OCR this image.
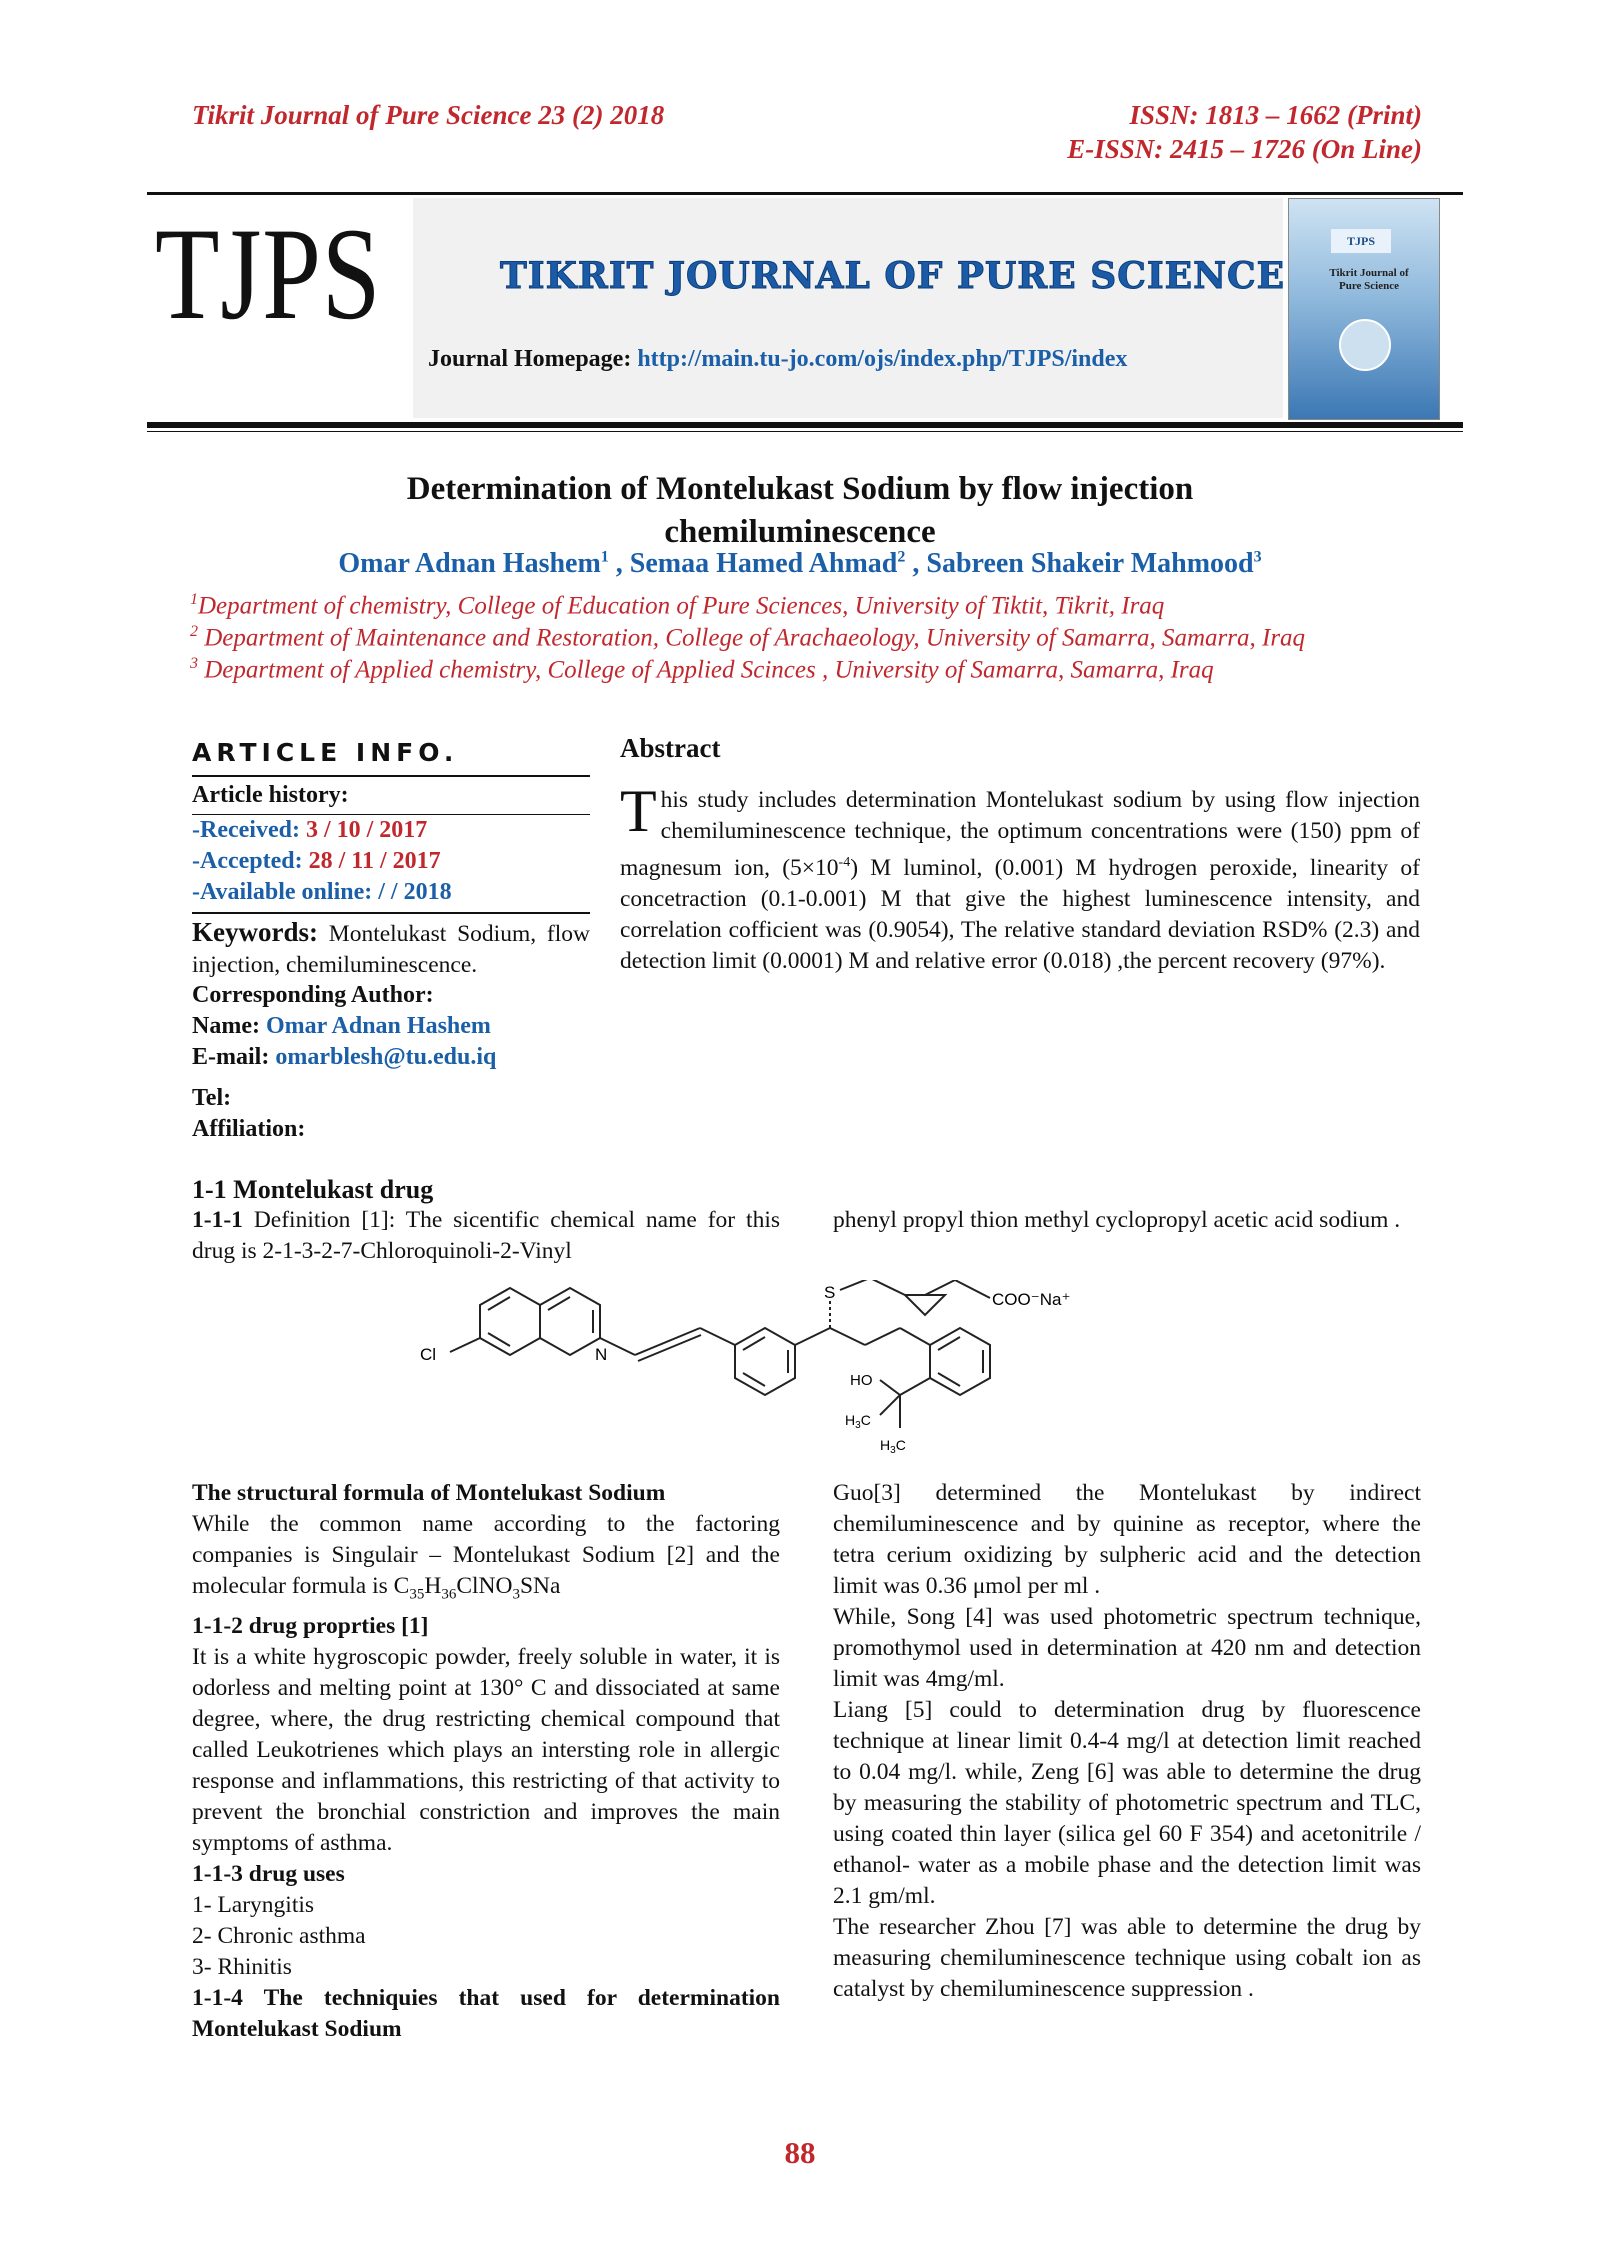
Tikrit Journal of Pure Science 23 (2) 2018	ISSN: 1813 – 1662 (Print)
E-ISSN: 2415 – 1726 (On Line)
TJPS	TIKRIT JOURNAL OF PURE SCIENCE
Journal Homepage: http://main.tu-jo.com/ojs/index.php/TJPS/index
TJPS
Tikrit Journal of Pure Science
Determination of Montelukast Sodium by flow injection
chemiluminescence
Omar Adnan Hashem$^1$ , Semaa Hamed Ahmad$^2$ , Sabreen Shakeir Mahmood$^3$
$^1$Department of chemistry, College of Education of Pure Sciences, University of Tiktit, Tikrit, Iraq
$^2$ Department of Maintenance and Restoration, College of Arachaeology, University of Samarra, Samarra, Iraq
$^3$ Department of Applied chemistry, College of Applied Scinces , University of Samarra, Samarra, Iraq
ARTICLE INFO.
Article history:
-Received: 3 / 10 / 2017
-Accepted: 28 / 11 / 2017
-Available online: / / 2018
Keywords: Montelukast Sodium, flow injection, chemiluminescence.
Corresponding Author:
Name: Omar Adnan Hashem
E-mail: omarblesh@tu.edu.iq
Tel:
Affiliation:
Abstract
This study includes determination Montelukast sodium by using flow injection chemiluminescence technique, the optimum concentrations were (150) ppm of magnesum ion, $(5\times 10^{-4})$ M luminol, (0.001) M hydrogen peroxide, linearity of concetraction (0.1-0.001) M that give the highest luminescence intensity, and correlation cofficient was (0.9054), The relative standard deviation RSD% (2.3) and detection limit (0.0001) M and relative error (0.018) ,the percent recovery (97%).
1-1 Montelukast drug
1-1-1 Definition [1]: The sicentific chemical name for this drug is 2-1-3-2-7-Chloroquinoli-2-Vinyl
phenyl propyl thion methyl cyclopropyl acetic acid sodium .
Cl	N
S	COO⁻Na⁺
HO
$H_3C$
$H_3C$
The structural formula of Montelukast Sodium
While the common name according to the factoring companies is Singulair – Montelukast Sodium [2] and the molecular formula is $C_{35}H_{36}ClNO_3SNa$
1-1-2 drug proprties [1]
It is a white hygroscopic powder, freely soluble in water, it is odorless and melting point at 130° C and dissociated at same degree, where, the drug restricting chemical compound that called Leukotrienes which plays an intersting role in allergic response and inflammations, this restricting of that activity to prevent the bronchial constriction and improves the main symptoms of asthma.
1-1-3 drug uses
1- Laryngitis
2- Chronic asthma
3- Rhinitis
1-1-4 The techniquies that used for determination Montelukast Sodium
Guo[3] determined the Montelukast by indirect chemiluminescence and by quinine as receptor, where the tetra cerium oxidizing by sulpheric acid and the detection limit was 0.36 μmol per ml .
While, Song [4] was used photometric spectrum technique, promothymol used in determination at 420 nm and detection limit was 4mg/ml.
Liang [5] could to determination drug by fluorescence technique at linear limit 0.4-4 mg/l at detection limit reached to 0.04 mg/l. while, Zeng [6] was able to determine the drug by measuring the stability of photometric spectrum and TLC, using coated thin layer (silica gel 60 F 354) and acetonitrile / ethanol- water as a mobile phase and the detection limit was 2.1 gm/ml.
The researcher Zhou [7] was able to determine the drug by measuring chemiluminescence technique using cobalt ion as catalyst by chemiluminescence suppression .
88
